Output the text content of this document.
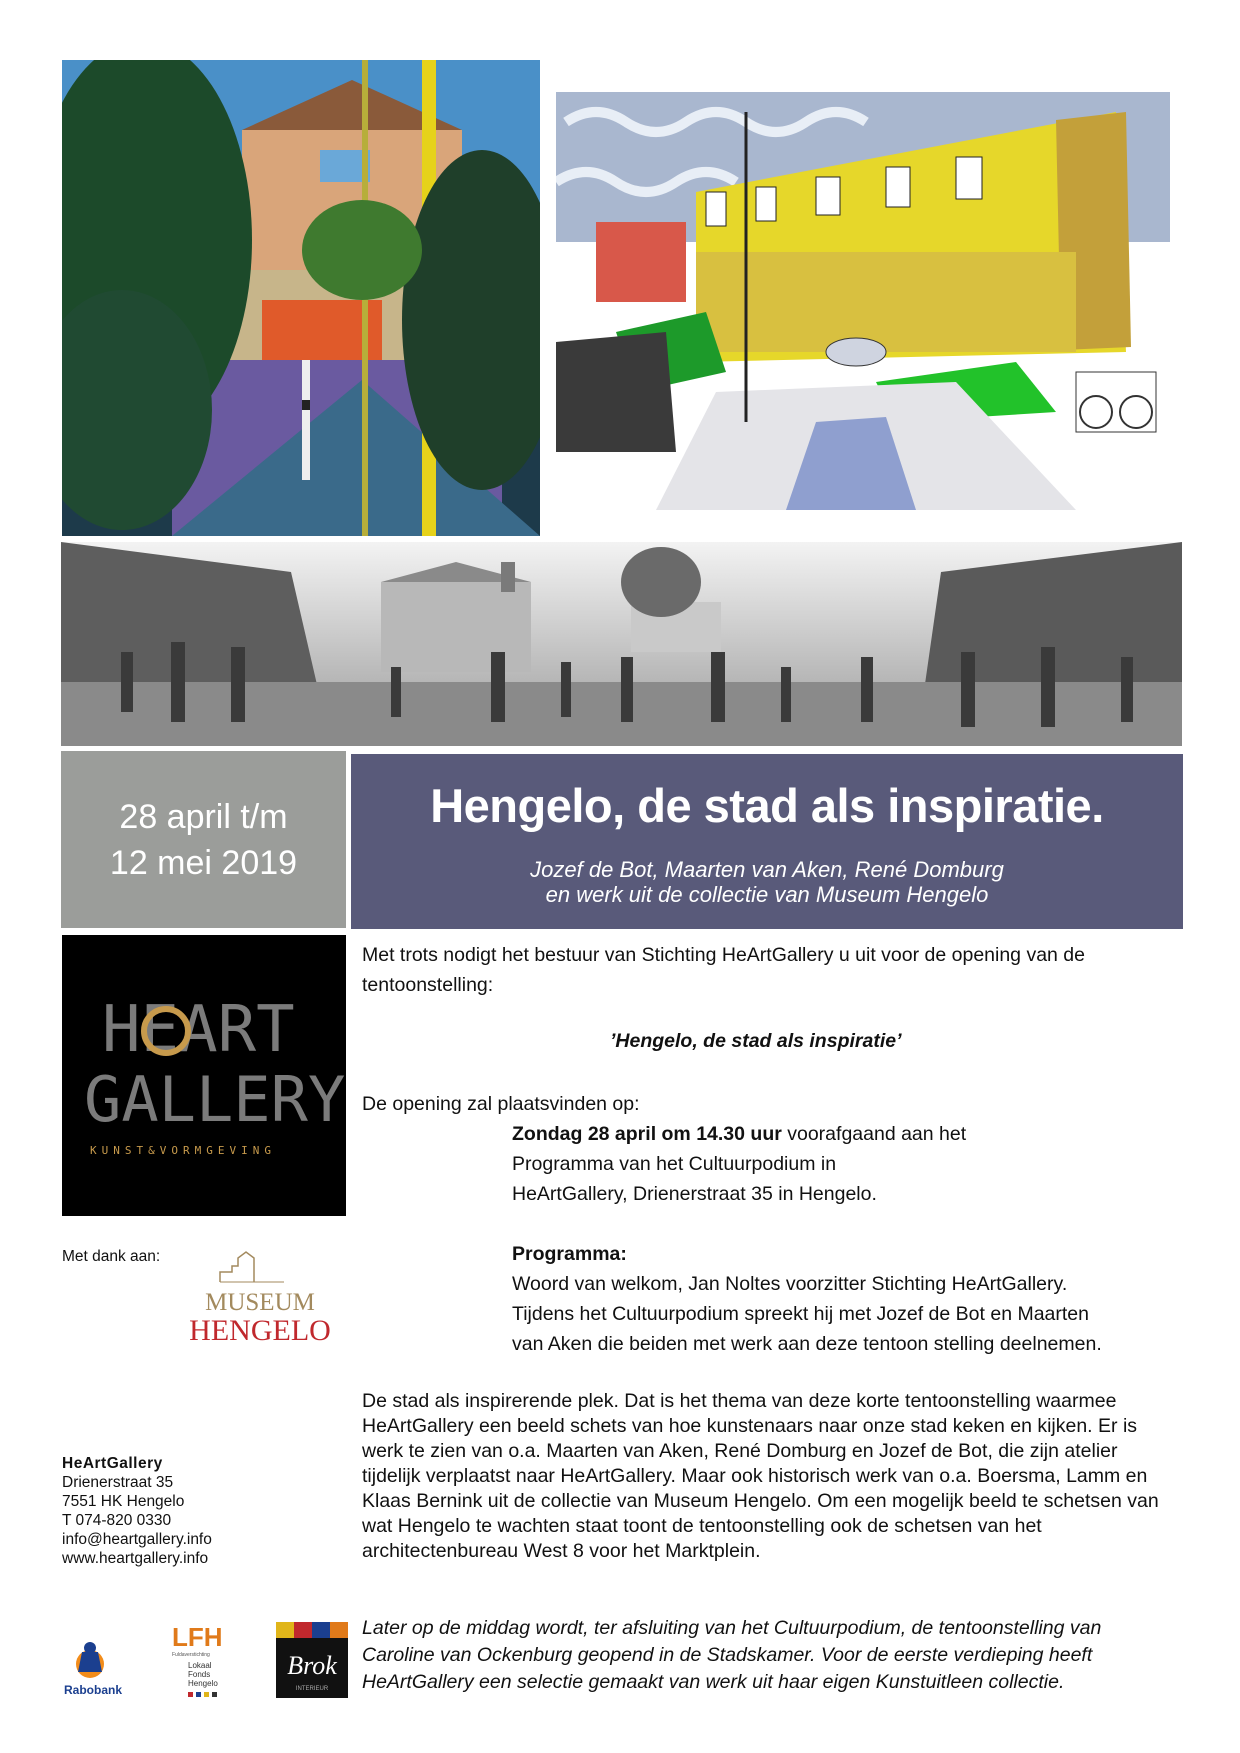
28 april t/m
12 mei 2019
Hengelo, de stad als inspiratie.
Jozef de Bot, Maarten van Aken, René Domburg
en werk uit de collectie van Museum Hengelo
HEART
GALLERY
KUNST&VORMGEVING
Met trots nodigt het bestuur van Stichting HeArtGallery u uit voor de opening van de tentoonstelling:
’Hengelo, de stad als inspiratie’
De opening zal plaatsvinden op:
Zondag 28 april om 14.30 uur voorafgaand aan het
Programma van het Cultuurpodium in
HeArtGallery, Drienerstraat 35 in Hengelo.
Programma:
Woord van welkom, Jan Noltes voorzitter Stichting HeArtGallery.
Tijdens het Cultuurpodium spreekt hij met Jozef de Bot en Maarten
van Aken die beiden met werk aan deze tentoon stelling deelnemen.
De stad als inspirerende plek. Dat is het thema van deze korte tentoonstelling waarmee HeArtGallery een beeld schets van hoe kunstenaars naar onze stad keken en kijken. Er is werk te zien van o.a. Maarten van Aken, René Domburg en Jozef de Bot, die zijn atelier tijdelijk verplaatst naar HeArtGallery. Maar ook historisch werk van o.a. Boersma, Lamm en Klaas Bernink uit de collectie van Museum Hengelo. Om een mogelijk beeld te schetsen van wat Hengelo te wachten staat toont de tentoonstelling ook de schetsen van het architectenbureau West 8 voor het Marktplein.
Later op de middag wordt, ter afsluiting van het Cultuurpodium, de tentoonstelling van Caroline van Ockenburg geopend in de Stadskamer. Voor de eerste verdieping heeft HeArtGallery een selectie gemaakt van werk uit haar eigen Kunstuitleen collectie.
Met dank aan:
MUSEUM
HENGELO
HeArtGallery
Drienerstraat 35
7551 HK Hengelo
T 074-820 0330
info@heartgallery.info
www.heartgallery.info
Rabobank
LFH
Fuldaverstichting
Lokaal
Fonds
Hengelo
Brok
INTERIEUR
